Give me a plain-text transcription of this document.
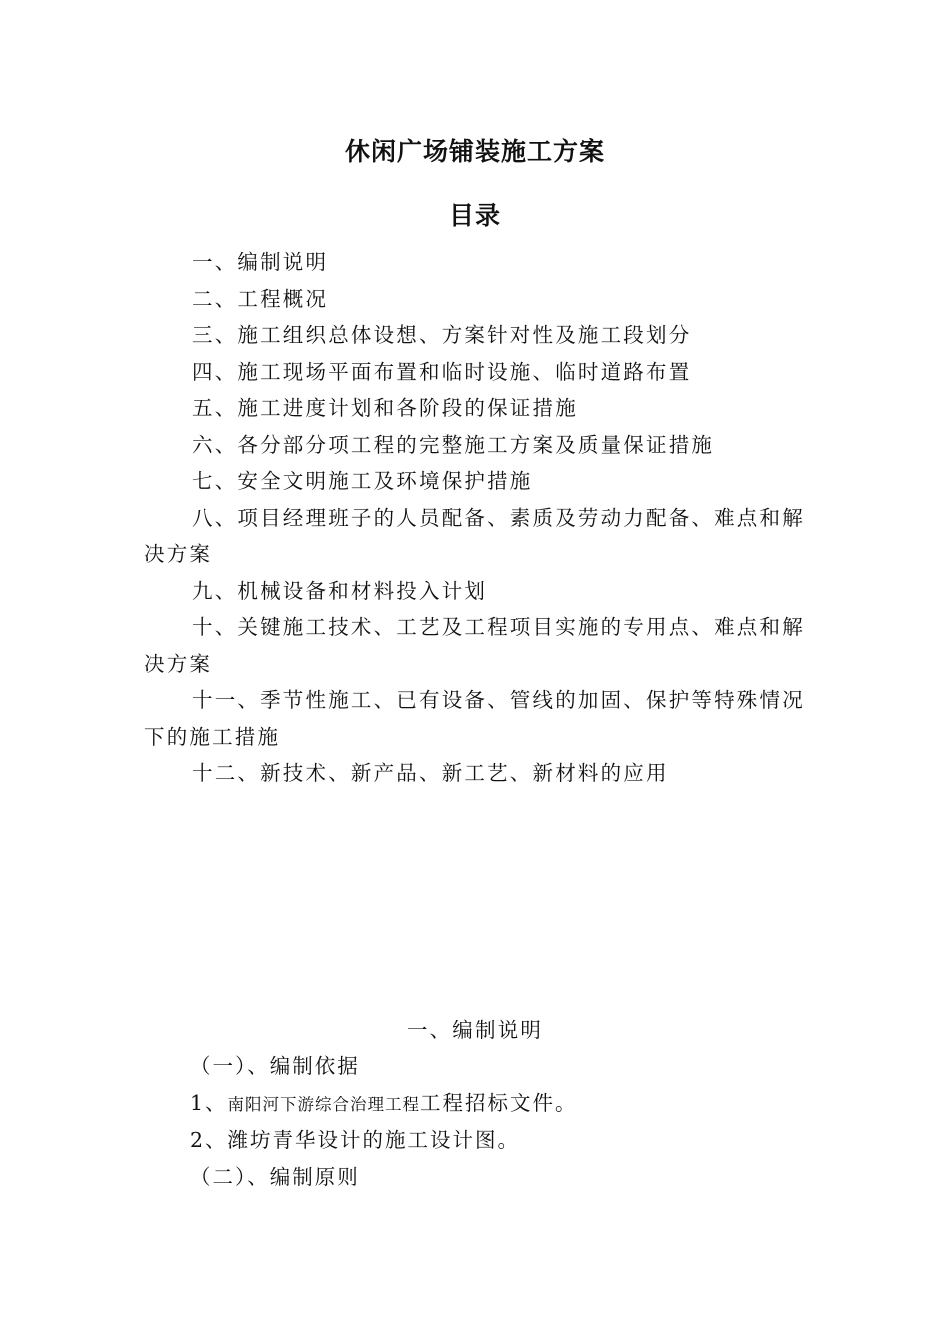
休闲广场铺装施工方案
目录

一、编制说明

二、工程概况

三、施工组织总体设想、方案针对性及施工段划分

四、施工现场平面布置和临时设施、临时道路布置

五、施工进度计划和各阶段的保证措施

六、各分部分项工程的完整施工方案及质量保证措施

七、安全文明施工及环境保护措施

八、项目经理班子的人员配备、素质及劳动力配备、难点和解决方案

九、机械设备和材料投入计划

十、关键施工技术、工艺及工程项目实施的专用点、难点和解决方案

十一、季节性施工、已有设备、管线的加固、保护等特殊情况下的施工措施

十二、新技术、新产品、新工艺、新材料的应用

一、编制说明
（一）、编制依据
1、南阳河下游综合治理工程工程招标文件。
2、潍坊青华设计的施工设计图。
（二）、编制原则
